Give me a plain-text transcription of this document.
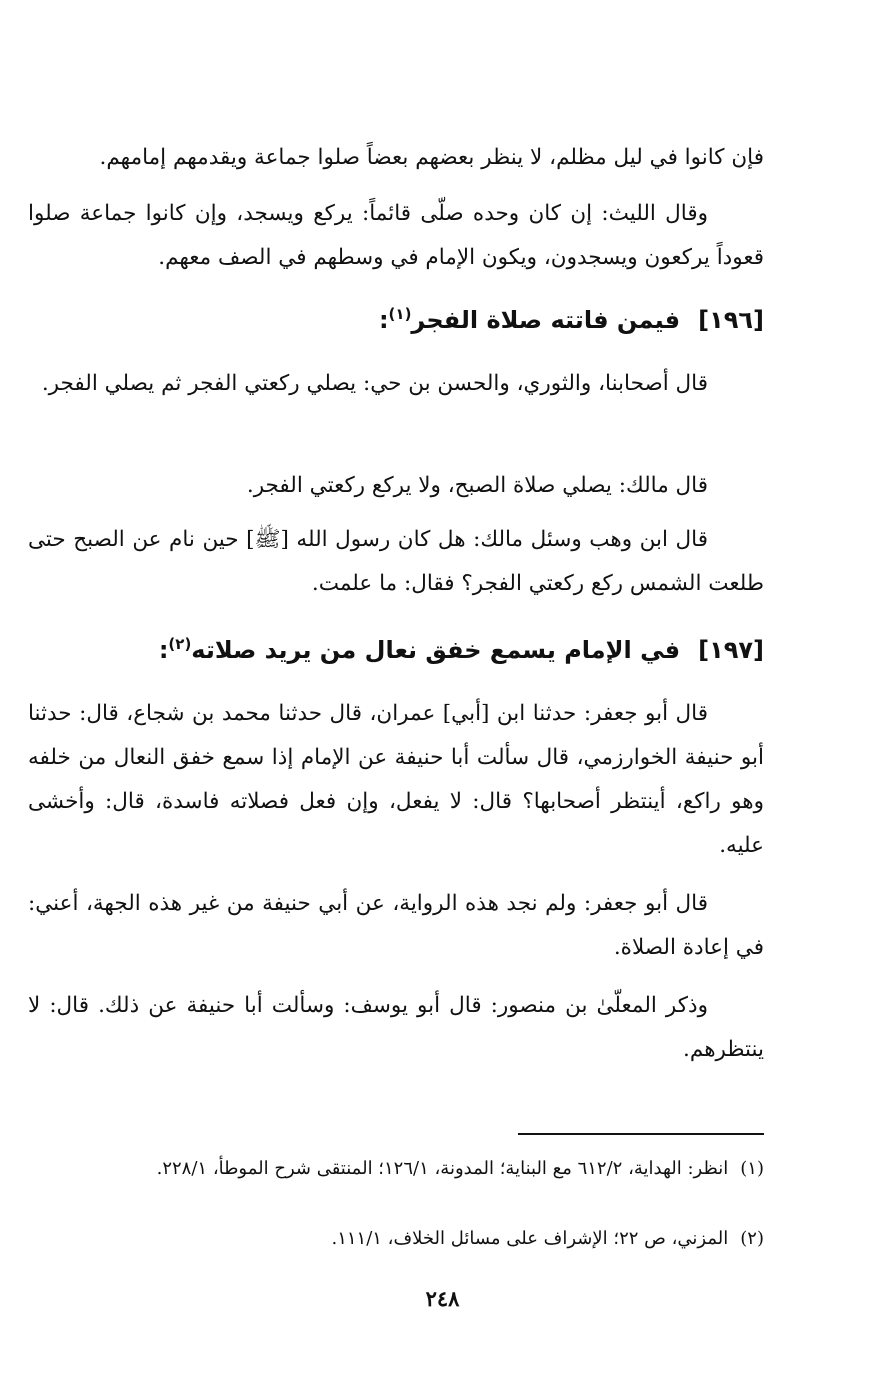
فإن كانوا في ليل مظلم، لا ينظر بعضهم بعضاً صلوا جماعة ويقدمهم إمامهم.

وقال الليث: إن كان وحده صلّى قائماً: يركع ويسجد، وإن كانوا جماعة صلوا قعوداً يركعون ويسجدون، ويكون الإمام في وسطهم في الصف معهم.

[١٩٦]فيمن فاتته صلاة الفجر$^{(١)}$:

قال أصحابنا، والثوري، والحسن بن حي: يصلي ركعتي الفجر ثم يصلي الفجر.

قال مالك: يصلي صلاة الصبح، ولا يركع ركعتي الفجر.

قال ابن وهب وسئل مالك: هل كان رسول الله [ﷺ] حين نام عن الصبح حتى طلعت الشمس ركع ركعتي الفجر؟ فقال: ما علمت.

[١٩٧]في الإمام يسمع خفق نعال من يريد صلاته$^{(٢)}$:

قال أبو جعفر: حدثنا ابن [أبي] عمران، قال حدثنا محمد بن شجاع، قال: حدثنا أبو حنيفة الخوارزمي، قال سألت أبا حنيفة عن الإمام إذا سمع خفق النعال من خلفه وهو راكع، أينتظر أصحابها؟ قال: لا يفعل، وإن فعل فصلاته فاسدة، قال: وأخشى عليه.

قال أبو جعفر: ولم نجد هذه الرواية، عن أبي حنيفة من غير هذه الجهة، أعني: في إعادة الصلاة.

وذكر المعلّىٰ بن منصور: قال أبو يوسف: وسألت أبا حنيفة عن ذلك. قال: لا ينتظرهم.

(١)انظر: الهداية، ٦١٢/٢ مع البناية؛ المدونة، ١٢٦/١؛ المنتقى شرح الموطأ، ٢٢٨/١.

(٢)المزني، ص ٢٢؛ الإشراف على مسائل الخلاف، ١١١/١.

٢٤٨
